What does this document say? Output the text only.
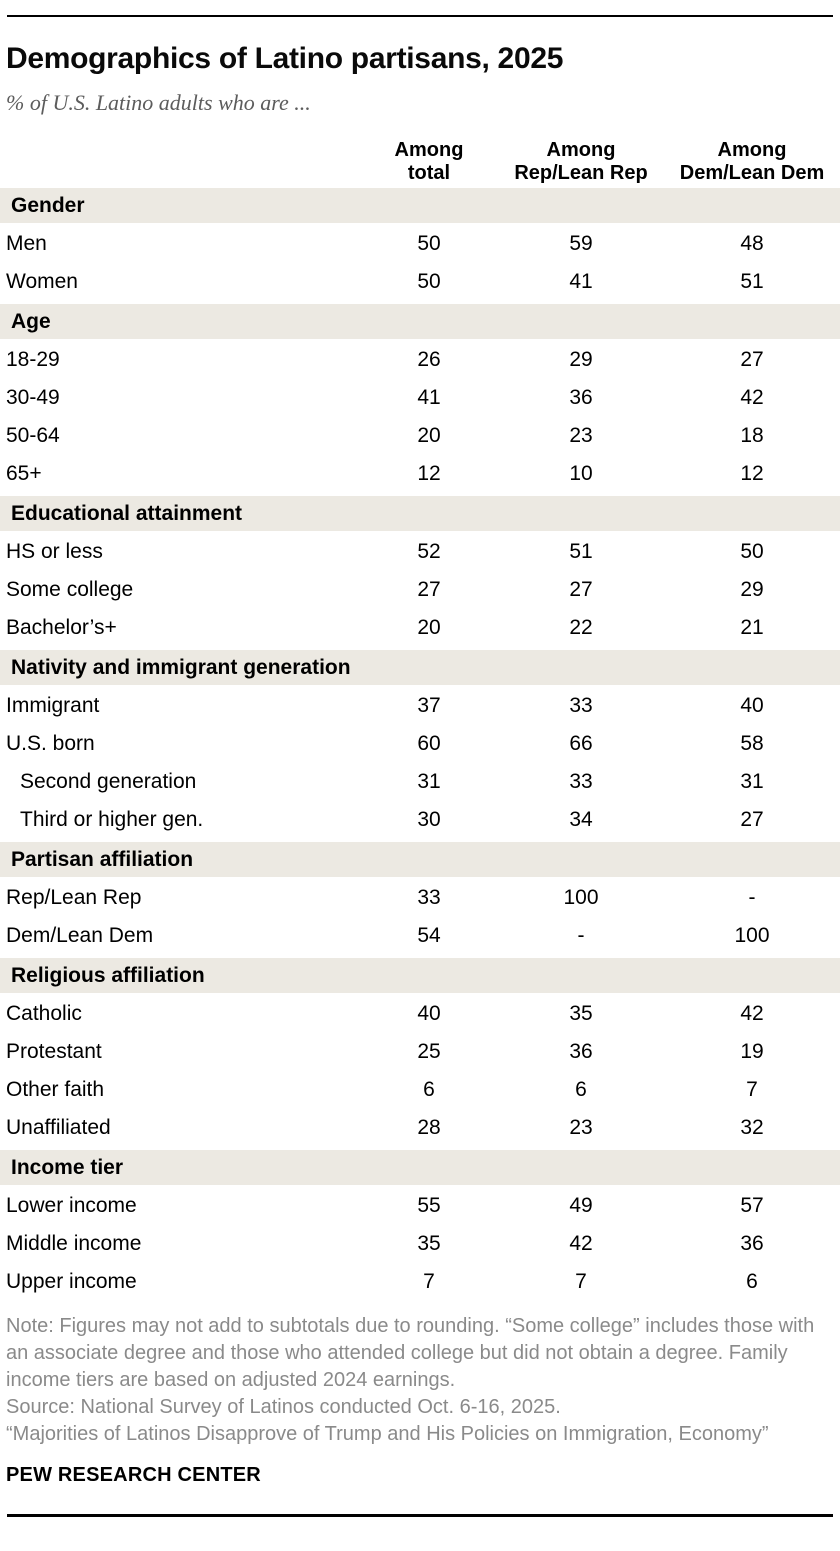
Demographics of Latino partisans, 2025
% of U.S. Latino adults who are ...
Among
total
Among
Rep/Lean Rep
Among
Dem/Lean Dem
Gender
Men	50	59	48
Women	50	41	51
Age
18-29	26	29	27
30-49	41	36	42
50-64	20	23	18
65+	12	10	12
Educational attainment
HS or less	52	51	50
Some college	27	27	29
Bachelor’s+	20	22	21
Nativity and immigrant generation
Immigrant	37	33	40
U.S. born	60	66	58
Second generation	31	33	31
Third or higher gen.	30	34	27
Partisan affiliation
Rep/Lean Rep	33	100	-
Dem/Lean Dem	54	-	100
Religious affiliation
Catholic	40	35	42
Protestant	25	36	19
Other faith	6	6	7
Unaffiliated	28	23	32
Income tier
Lower income	55	49	57
Middle income	35	42	36
Upper income	7	7	6

Note: Figures may not add to subtotals due to rounding. “Some college” includes those with an associate degree and those who attended college but did not obtain a degree. Family income tiers are based on adjusted 2024 earnings.

Source: National Survey of Latinos conducted Oct. 6-16, 2025.

“Majorities of Latinos Disapprove of Trump and His Policies on Immigration, Economy”

PEW RESEARCH CENTER
